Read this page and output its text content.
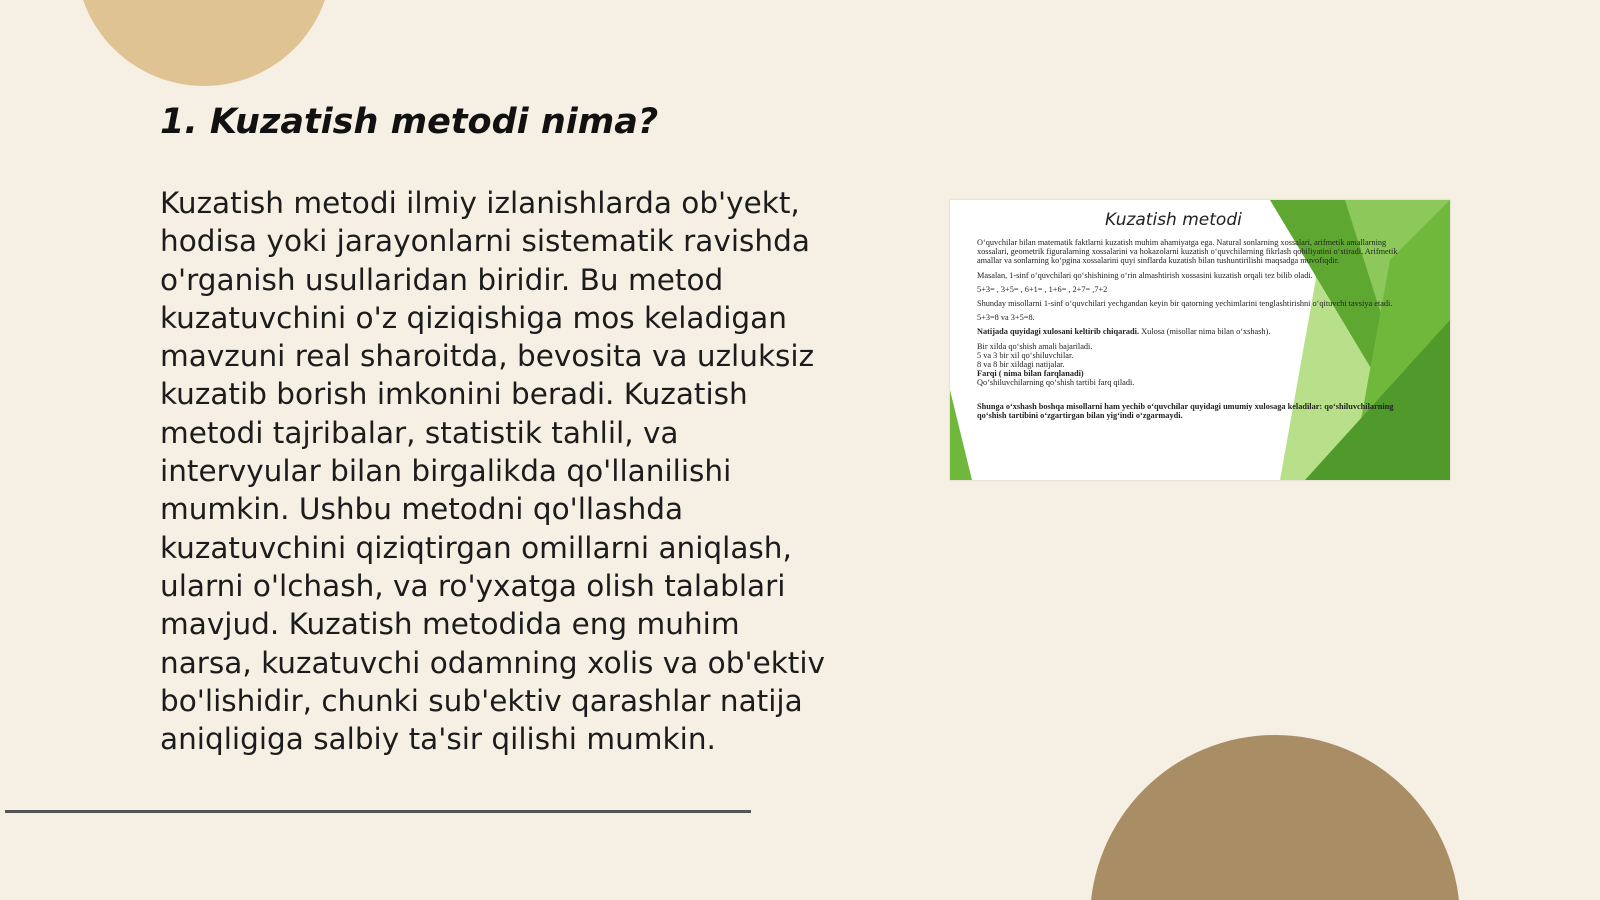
1. Kuzatish metodi nima?

Kuzatish metodi ilmiy izlanishlarda ob'yekt, hodisa yoki jarayonlarni sistematik ravishda o'rganish usullaridan biridir. Bu metod kuzatuvchini o'z qiziqishiga mos keladigan mavzuni real sharoitda, bevosita va uzluksiz kuzatib borish imkonini beradi. Kuzatish metodi tajribalar, statistik tahlil, va intervyular bilan birgalikda qo'llanilishi mumkin. Ushbu metodni qo'llashda kuzatuvchini qiziqtirgan omillarni aniqlash, ularni o'lchash, va ro'yxatga olish talablari mavjud. Kuzatish metodida eng muhim narsa, kuzatuvchi odamning xolis va ob'ektiv bo'lishidir, chunki sub'ektiv qarashlar natija aniqligiga salbiy ta'sir qilishi mumkin.

Kuzatish metodi

O‘quvchilar bilan matematik faktlarni kuzatish muhim ahamiyatga ega. Natural sonlarning xossalari, arifmetik amallarning xossalari, geometrik figuralarning xossalarini va hokazolarni kuzatish o‘quvchilarning fikrlash qobiliyatini o‘stiradi. Arifmetik amallar va sonlarning ko‘pgina xossalarini quyi sinflarda kuzatish bilan tushuntirilishi maqsadga muvofiqdir.

Masalan, 1-sinf o‘quvchilari qo‘shishining o‘rin almashtirish xossasini kuzatish orqali tez bilib oladi.

5+3= , 3+5= , 6+1= , 1+6= , 2+7= ,7+2

Shunday misollarni 1-sinf o‘quvchilari yechgandan keyin bir qatorning yechimlarini tenglashtirishni o‘qituvchi tavsiya etadi.

5+3=8 va 3+5=8.

Natijada quyidagi xulosani keltirib chiqaradi. Xulosa (misollar nima bilan o‘xshash).

Bir xilda qo‘shish amali bajariladi.
5 va 3 bir xil qo‘shiluvchilar.
8 va 8 bir xildagi natijalar.
Farqi ( nima bilan farqlanadi)
Qo‘shiluvchilarning qo‘shish tartibi farq qiladi.

Shunga o‘xshash boshqa misollarni ham yechib o‘quvchilar quyidagi umumiy xulosaga keladilar: qo‘shiluvchilarning qo‘shish tartibini o‘zgartirgan bilan yig‘indi o‘zgarmaydi.
